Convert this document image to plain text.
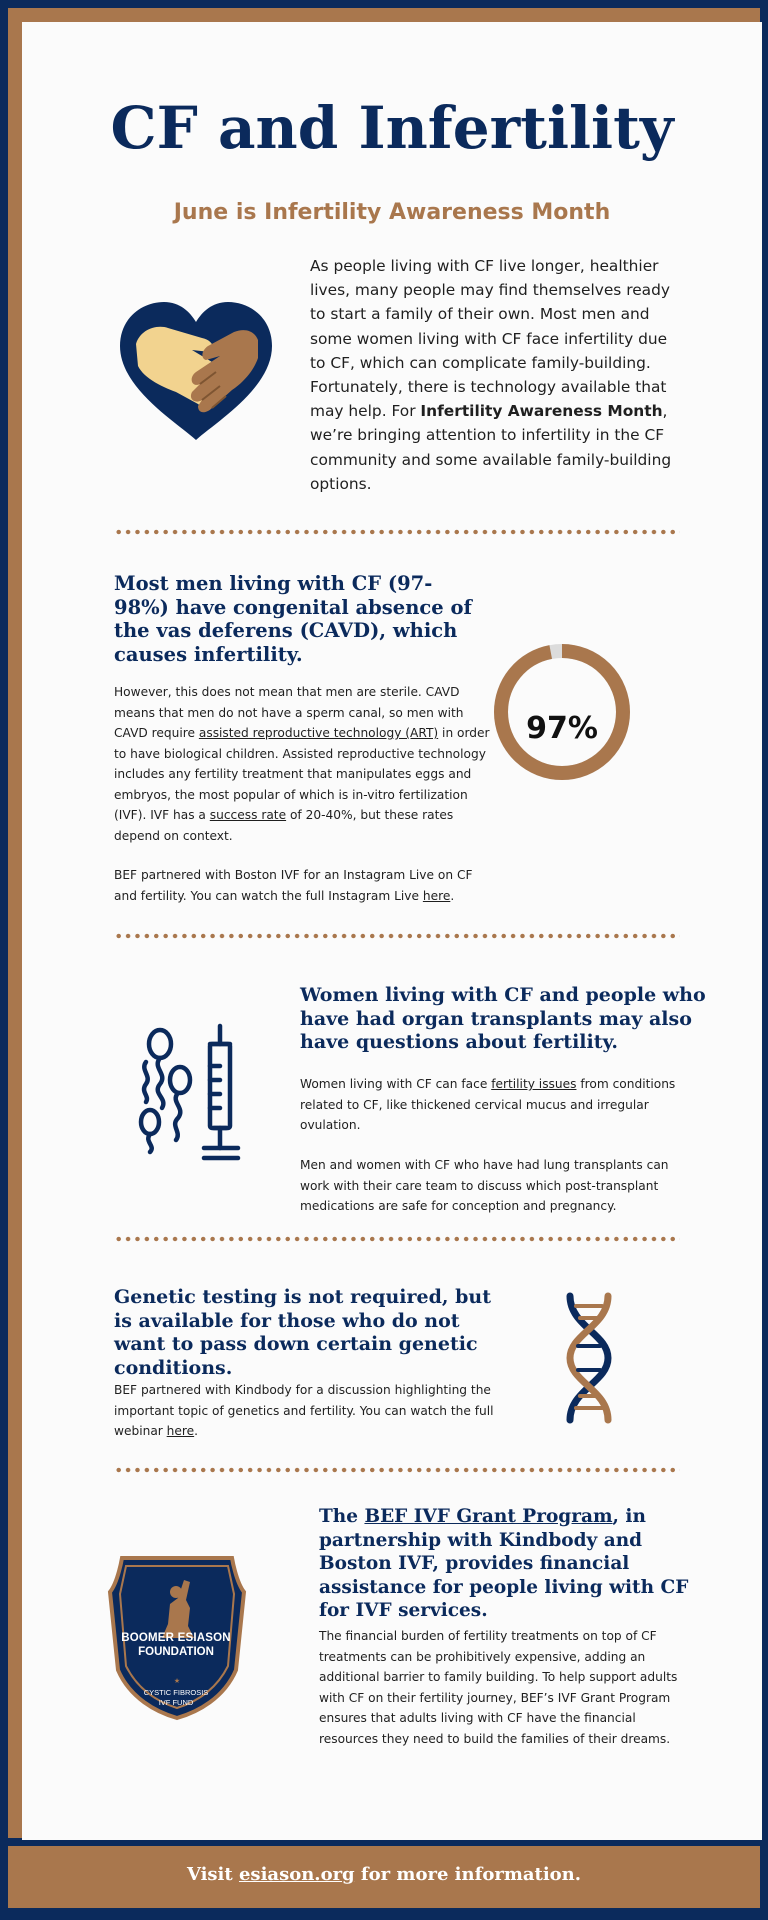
CF and Infertility
June is Infertility Awareness Month
As people living with CF live longer, healthier lives, many people may find themselves ready to start a family of their own. Most men and some women living with CF face infertility due to CF, which can complicate family-building. Fortunately, there is technology available that may help. For Infertility Awareness Month, we’re bringing attention to infertility in the CF community and some available family-building options.
Most men living with CF (97-98%) have congenital absence of the vas deferens (CAVD), which causes infertility.
However, this does not mean that men are sterile. CAVD means that men do not have a sperm canal, so men with CAVD require assisted reproductive technology (ART) in order to have biological children. Assisted reproductive technology includes any fertility treatment that manipulates eggs and embryos, the most popular of which is in-vitro fertilization (IVF). IVF has a success rate of 20-40%, but these rates depend on context.
BEF partnered with Boston IVF for an Instagram Live on CF and fertility. You can watch the full Instagram Live here.
97%
Women living with CF and people who have had organ transplants may also have questions about fertility.
Women living with CF can face fertility issues from conditions related to CF, like thickened cervical mucus and irregular ovulation.
Men and women with CF who have had lung transplants can work with their care team to discuss which post-transplant medications are safe for conception and pregnancy.
Genetic testing is not required, but is available for those who do not want to pass down certain genetic conditions.
BEF partnered with Kindbody for a discussion highlighting the important topic of genetics and fertility. You can watch the full webinar here.
★
BOOMER ESIASON
FOUNDATION
CYSTIC FIBROSIS
IVF FUND
The BEF IVF Grant Program, in partnership with Kindbody and Boston IVF, provides financial assistance for people living with CF for IVF services.
The financial burden of fertility treatments on top of CF treatments can be prohibitively expensive, adding an additional barrier to family building. To help support adults with CF on their fertility journey, BEF’s IVF Grant Program ensures that adults living with CF have the financial resources they need to build the families of their dreams.
Visit esiason.org for more information.
